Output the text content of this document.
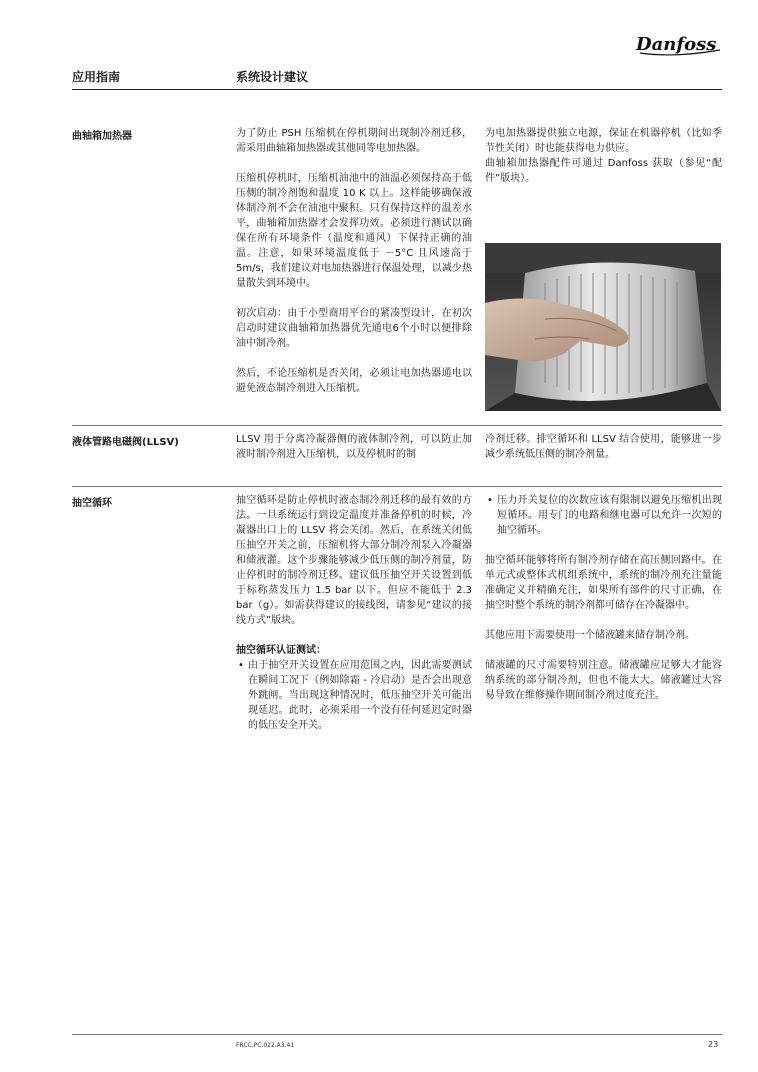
Danfoss
应用指南	系统设计建议
曲轴箱加热器	为了防止 PSH 压缩机在停机期间出现制冷剂迁移，需采用曲轴箱加热器或其他同等电加热器。

压缩机停机时，压缩机油池中的油温必须保持高于低压侧的制冷剂饱和温度 10 K 以上。这样能够确保液体制冷剂不会在油池中聚积。只有保持这样的温差水平，曲轴箱加热器才会发挥功效。必须进行测试以确保在所有环境条件（温度和通风）下保持正确的油温。注意，如果环境温度低于 －5°C 且风速高于 5m/s，我们建议对电加热器进行保温处理，以减少热量散失到环境中。

初次启动：由于小型商用平台的紧凑型设计，在初次启动时建议曲轴箱加热器优先通电6个小时以便排除油中制冷剂。

然后，不论压缩机是否关闭，必须让电加热器通电以避免液态制冷剂进入压缩机。

为电加热器提供独立电源，保证在机器停机（比如季节性关闭）时也能获得电力供应。

曲轴箱加热器配件可通过 Danfoss 获取（参见“配件”版块）。

液体管路电磁阀(LLSV)	LLSV 用于分离冷凝器侧的液体制冷剂，可以防止加液时制冷剂进入压缩机，以及停机时的制

冷剂迁移。排空循环和 LLSV 结合使用，能够进一步减少系统低压侧的制冷剂量。

抽空循环	抽空循环是防止停机时液态制冷剂迁移的最有效的方法。一旦系统运行到设定温度并准备停机的时候，冷凝器出口上的 LLSV 将会关闭。然后，在系统关闭低压抽空开关之前，压缩机将大部分制冷剂泵入冷凝器和储液灌。这个步骤能够减少低压侧的制冷剂量，防止停机时的制冷剂迁移。建议低压抽空开关设置到低于标称蒸发压力 1.5 bar 以下。但应不能低于 2.3 bar（g）。如需获得建议的接线图，请参见“建议的接线方式”版块。

抽空循环认证测试：

• 由于抽空开关设置在应用范围之内，因此需要测试在瞬间工况下（例如除霜 - 冷启动）是否会出现意外跳闸。当出现这种情况时，低压抽空开关可能出现延迟。此时，必须采用一个没有任何延迟定时器的低压安全开关。
• 压力开关复位的次数应该有限制以避免压缩机出现短循环。用专门的电路和继电器可以允许一次短的抽空循环。

抽空循环能够将所有制冷剂存储在高压侧回路中。在单元式或整体式机组系统中，系统的制冷剂充注量能准确定义并精确充注，如果所有部件的尺寸正确，在抽空时整个系统的制冷剂都可储存在冷凝器中。

其他应用下需要使用一个储液罐来储存制冷剂。

储液罐的尺寸需要特别注意。储液罐应足够大才能容纳系统的部分制冷剂，但也不能太大。储液罐过大容易导致在维修操作期间制冷剂过度充注。

FRCC.PC.022.A3.41	23
